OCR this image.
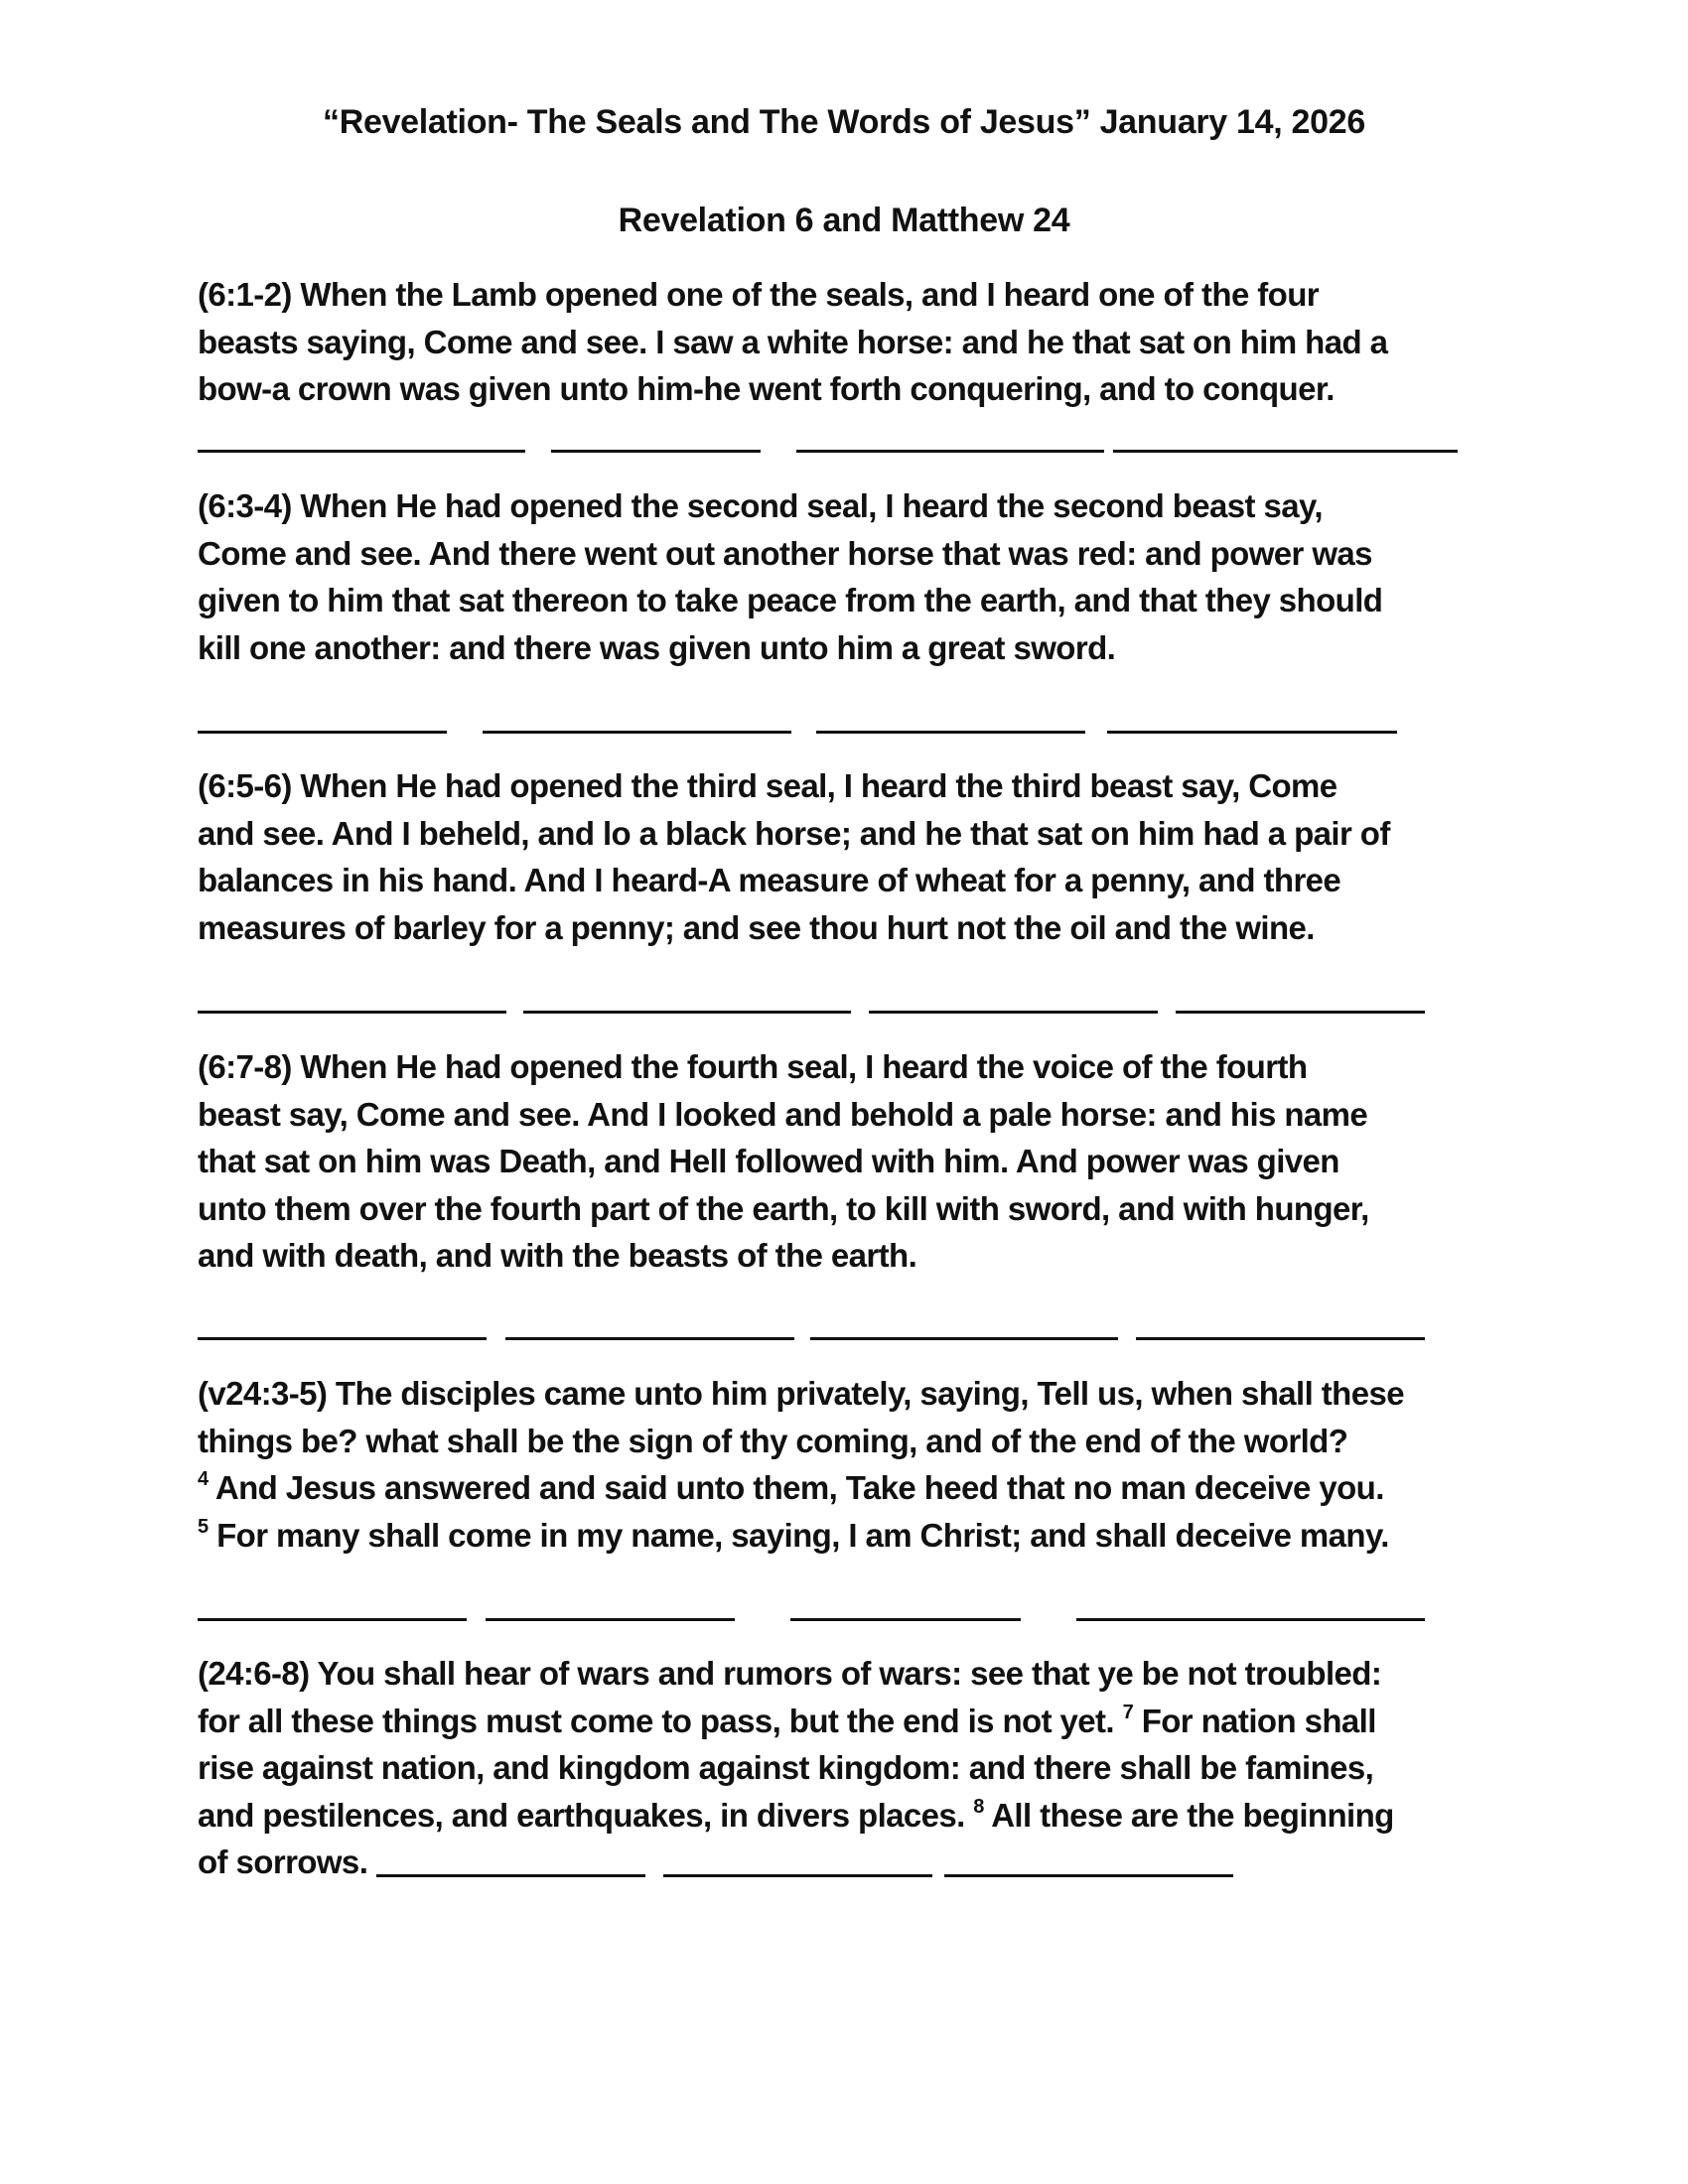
“Revelation- The Seals and The Words of Jesus” January 14, 2026
Revelation 6 and Matthew 24
(6:1-2) When the Lamb opened one of the seals, and I heard one of the four
beasts saying, Come and see. I saw a white horse: and he that sat on him had a
bow-a crown was given unto him-he went forth conquering, and to conquer.
(6:3-4) When He had opened the second seal, I heard the second beast say,
Come and see. And there went out another horse that was red: and power was
given to him that sat thereon to take peace from the earth, and that they should
kill one another: and there was given unto him a great sword.
(6:5-6) When He had opened the third seal, I heard the third beast say, Come
and see. And I beheld, and lo a black horse; and he that sat on him had a pair of
balances in his hand. And I heard-A measure of wheat for a penny, and three
measures of barley for a penny; and see thou hurt not the oil and the wine.
(6:7-8) When He had opened the fourth seal, I heard the voice of the fourth
beast say, Come and see. And I looked and behold a pale horse: and his name
that sat on him was Death, and Hell followed with him. And power was given
unto them over the fourth part of the earth, to kill with sword, and with hunger,
and with death, and with the beasts of the earth.
(v24:3-5) The disciples came unto him privately, saying, Tell us, when shall these
things be? what shall be the sign of thy coming, and of the end of the world?
$^4$ And Jesus answered and said unto them, Take heed that no man deceive you.
$^5$ For many shall come in my name, saying, I am Christ; and shall deceive many.
(24:6-8) You shall hear of wars and rumors of wars: see that ye be not troubled:
for all these things must come to pass, but the end is not yet. $^7$ For nation shall
rise against nation, and kingdom against kingdom: and there shall be famines,
and pestilences, and earthquakes, in divers places. $^8$ All these are the beginning
of sorrows.
